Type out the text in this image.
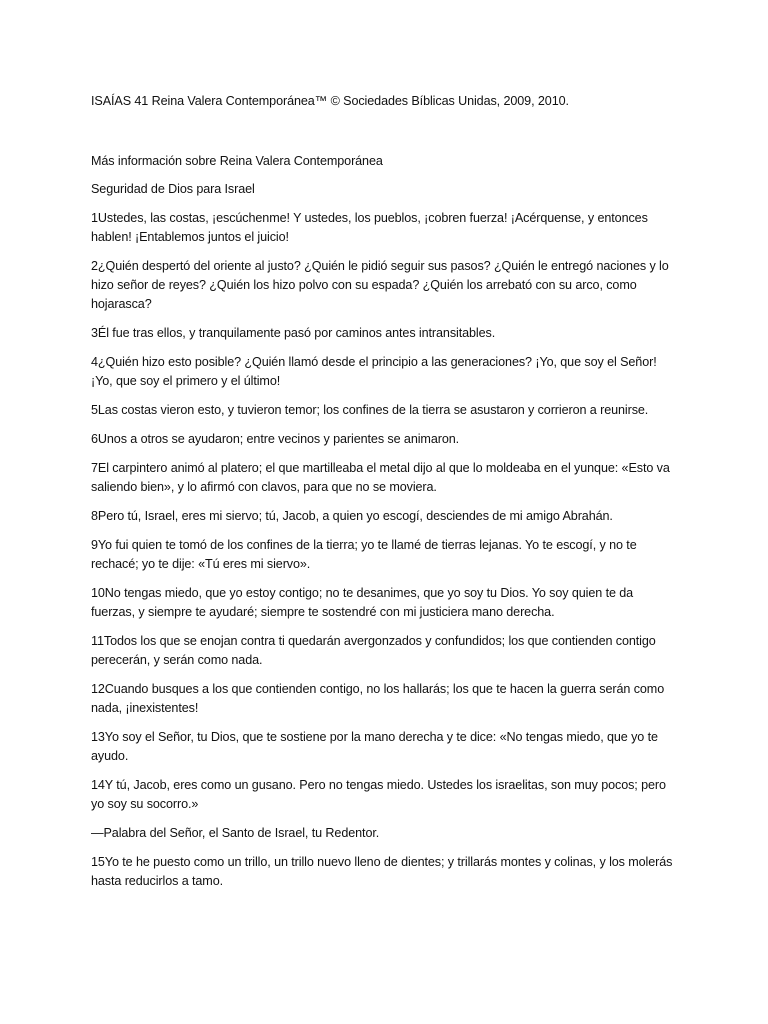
ISAÍAS 41 Reina Valera Contemporánea™ © Sociedades Bíblicas Unidas, 2009, 2010.

Más información sobre Reina Valera Contemporánea

Seguridad de Dios para Israel

1Ustedes, las costas, ¡escúchenme! Y ustedes, los pueblos, ¡cobren fuerza! ¡Acérquense, y entonces hablen! ¡Entablemos juntos el juicio!

2¿Quién despertó del oriente al justo? ¿Quién le pidió seguir sus pasos? ¿Quién le entregó naciones y lo hizo señor de reyes? ¿Quién los hizo polvo con su espada? ¿Quién los arrebató con su arco, como hojarasca?

3Él fue tras ellos, y tranquilamente pasó por caminos antes intransitables.

4¿Quién hizo esto posible? ¿Quién llamó desde el principio a las generaciones? ¡Yo, que soy el Señor! ¡Yo, que soy el primero y el último!

5Las costas vieron esto, y tuvieron temor; los confines de la tierra se asustaron y corrieron a reunirse.

6Unos a otros se ayudaron; entre vecinos y parientes se animaron.

7El carpintero animó al platero; el que martilleaba el metal dijo al que lo moldeaba en el yunque: «Esto va saliendo bien», y lo afirmó con clavos, para que no se moviera.

8Pero tú, Israel, eres mi siervo; tú, Jacob, a quien yo escogí, desciendes de mi amigo Abrahán.

9Yo fui quien te tomó de los confines de la tierra; yo te llamé de tierras lejanas. Yo te escogí, y no te rechacé; yo te dije: «Tú eres mi siervo».

10No tengas miedo, que yo estoy contigo; no te desanimes, que yo soy tu Dios. Yo soy quien te da fuerzas, y siempre te ayudaré; siempre te sostendré con mi justiciera mano derecha.

11Todos los que se enojan contra ti quedarán avergonzados y confundidos; los que contienden contigo perecerán, y serán como nada.

12Cuando busques a los que contienden contigo, no los hallarás; los que te hacen la guerra serán como nada, ¡inexistentes!

13Yo soy el Señor, tu Dios, que te sostiene por la mano derecha y te dice: «No tengas miedo, que yo te ayudo.

14Y tú, Jacob, eres como un gusano. Pero no tengas miedo. Ustedes los israelitas, son muy pocos; pero yo soy su socorro.»

—Palabra del Señor, el Santo de Israel, tu Redentor.

15Yo te he puesto como un trillo, un trillo nuevo lleno de dientes; y trillarás montes y colinas, y los molerás hasta reducirlos a tamo.
